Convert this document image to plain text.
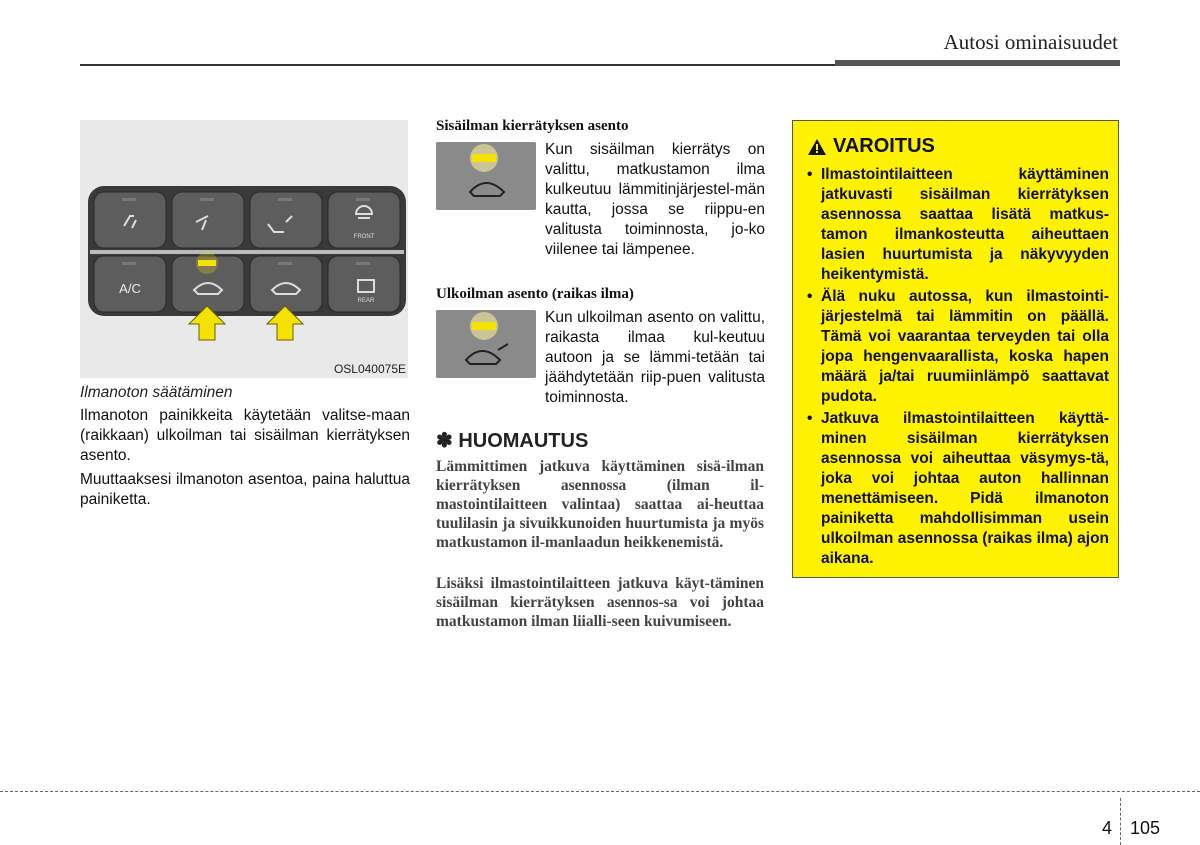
Autosi ominaisuudet
A/C
FRONT
REAR
OSL040075E
Ilmanoton säätäminen
Ilmanoton painikkeita käytetään valitse-maan (raikkaan) ulkoilman tai sisäilman kierrätyksen asento.
Muuttaaksesi ilmanoton asentoa, paina haluttua painiketta.
Sisäilman kierrätyksen asento
Kun sisäilman kierrätys on valittu, matkustamon ilma kulkeutuu lämmitinjärjestel-män kautta, jossa se riippu-en valitusta toiminnosta, jo-ko viilenee tai lämpenee.
Ulkoilman asento (raikas ilma)
Kun ulkoilman asento on valittu, raikasta ilmaa kul-keutuu autoon ja se lämmi-tetään tai jäähdytetään riip-puen valitusta toiminnosta.
✽ HUOMAUTUS
Lämmittimen jatkuva käyttäminen sisä-ilman kierrätyksen asennossa (ilman il-mastointilaitteen valintaa) saattaa ai-heuttaa tuulilasin ja sivuikkunoiden huurtumista ja myös matkustamon il-manlaadun heikkenemistä.
Lisäksi ilmastointilaitteen jatkuva käyt-täminen sisäilman kierrätyksen asennos-sa voi johtaa matkustamon ilman liialli-seen kuivumiseen.
VAROITUS
• Ilmastointilaitteen käyttäminen jatkuvasti sisäilman kierrätyksen asennossa saattaa lisätä matkus-tamon ilmankosteutta aiheuttaen lasien huurtumista ja näkyvyyden heikentymistä.
• Älä nuku autossa, kun ilmastointi-järjestelmä tai lämmitin on päällä. Tämä voi vaarantaa terveyden tai olla jopa hengenvaarallista, koska hapen määrä ja/tai ruumiinlämpö saattavat pudota.
• Jatkuva ilmastointilaitteen käyttä-minen sisäilman kierrätyksen asennossa voi aiheuttaa väsymys-tä, joka voi johtaa auton hallinnan menettämiseen. Pidä ilmanoton painiketta mahdollisimman usein ulkoilman asennossa (raikas ilma) ajon aikana.
4 105
